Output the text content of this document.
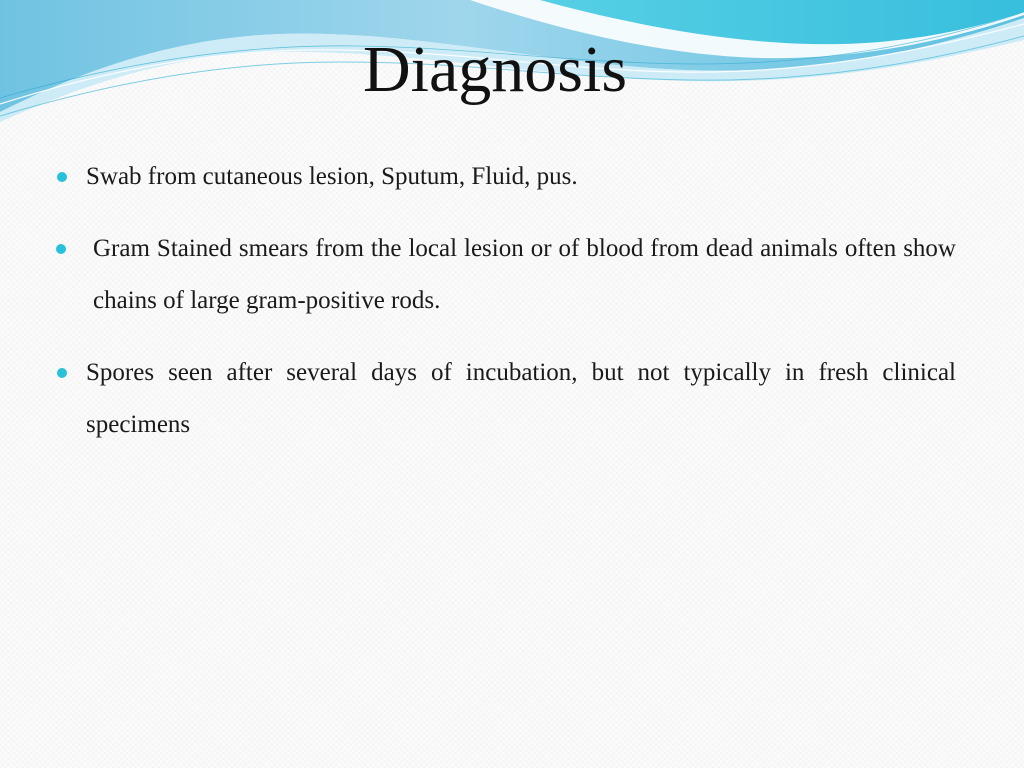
Diagnosis
Swab from cutaneous lesion, Sputum, Fluid, pus.
Gram Stained smears from the local lesion or of blood from dead animals often show chains of large gram-positive rods.
Spores seen after several days of incubation, but not typically in fresh clinical specimens
